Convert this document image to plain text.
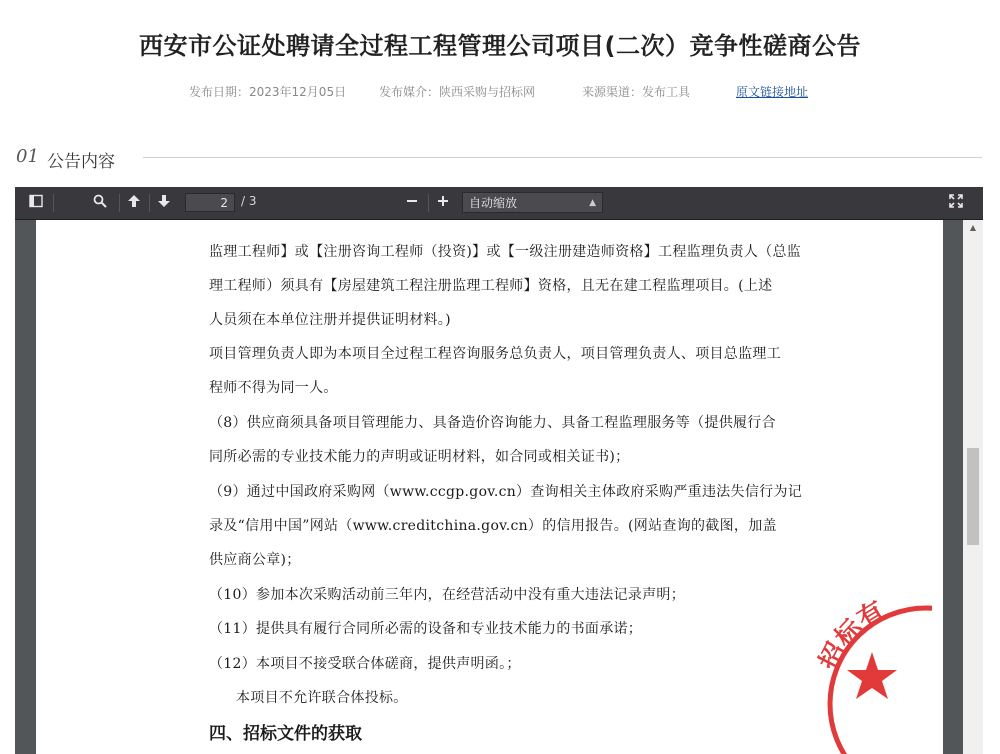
西安市公证处聘请全过程工程管理公司项目(二次）竞争性磋商公告
发布日期：2023年12月05日	发布媒介：陕西采购与招标网	来源渠道：发布工具	原文链接地址
01 公告内容
2	/ 3	自动缩放	▲

监理工程师】或【注册咨询工程师（投资)】或【一级注册建造师资格】工程监理负责人（总监
理工程师）须具有【房屋建筑工程注册监理工程师】资格，且无在建工程监理项目。(上述
人员须在本单位注册并提供证明材料。)
项目管理负责人即为本项目全过程工程咨询服务总负责人，项目管理负责人、项目总监理工
程师不得为同一人。
（8）供应商须具备项目管理能力、具备造价咨询能力、具备工程监理服务等（提供履行合
同所必需的专业技术能力的声明或证明材料，如合同或相关证书)；
（9）通过中国政府采购网（www.ccgp.gov.cn）查询相关主体政府采购严重违法失信行为记
录及“信用中国”网站（www.creditchina.gov.cn）的信用报告。(网站查询的截图，加盖
供应商公章)；
（10）参加本次采购活动前三年内，在经营活动中没有重大违法记录声明；
（11）提供具有履行合同所必需的设备和专业技术能力的书面承诺；
（12）本项目不接受联合体磋商，提供声明函。；
本项目不允许联合体投标。
四、招标文件的获取
招标有
▲
